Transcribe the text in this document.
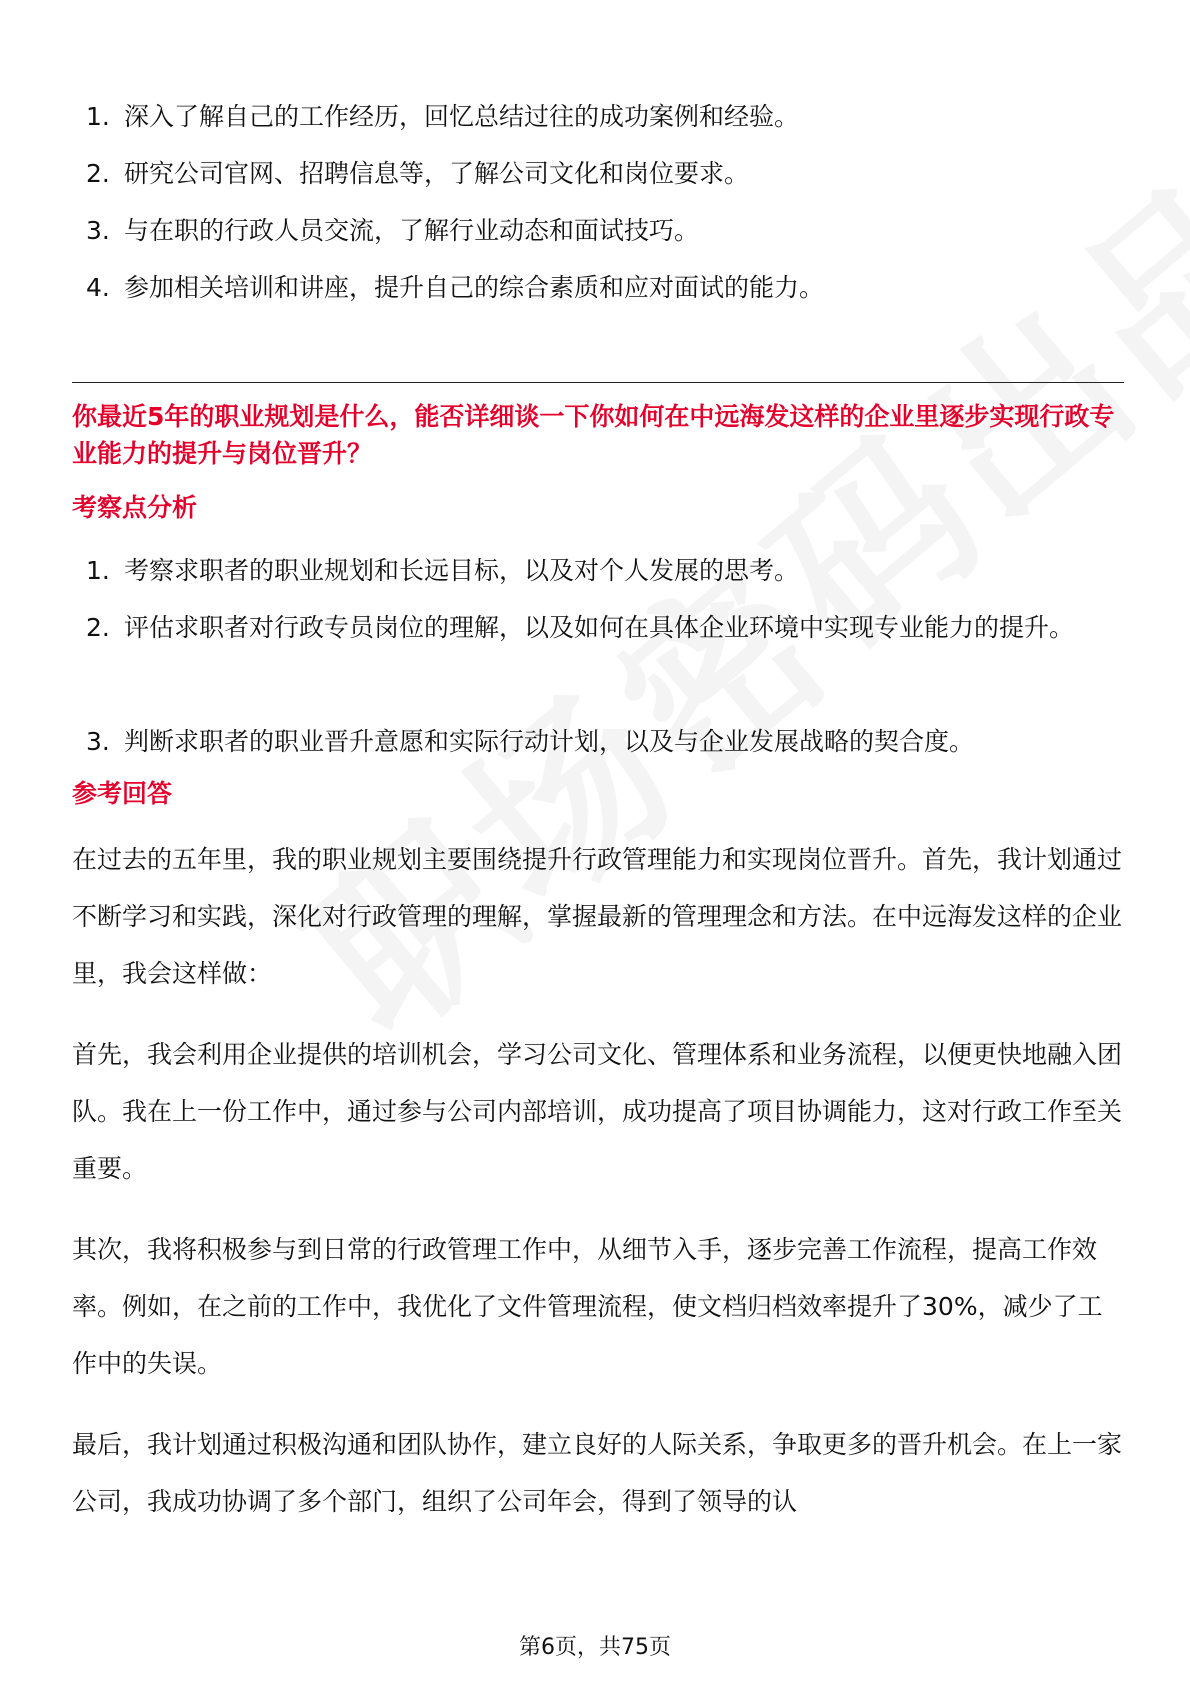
1. 深入了解自己的工作经历，回忆总结过往的成功案例和经验。
2. 研究公司官网、招聘信息等，了解公司文化和岗位要求。
3. 与在职的行政人员交流，了解行业动态和面试技巧。
4. 参加相关培训和讲座，提升自己的综合素质和应对面试的能力。
你最近5年的职业规划是什么，能否详细谈一下你如何在中远海发这样的企业里逐步实现行政专业能力的提升与岗位晋升？
考察点分析
1. 考察求职者的职业规划和长远目标，以及对个人发展的思考。
2. 评估求职者对行政专员岗位的理解，以及如何在具体企业环境中实现专业能力的提升。
3. 判断求职者的职业晋升意愿和实际行动计划，以及与企业发展战略的契合度。
参考回答
在过去的五年里，我的职业规划主要围绕提升行政管理能力和实现岗位晋升。首先，我计划通过不断学习和实践，深化对行政管理的理解，掌握最新的管理理念和方法。在中远海发这样的企业里，我会这样做：
首先，我会利用企业提供的培训机会，学习公司文化、管理体系和业务流程，以便更快地融入团队。我在上一份工作中，通过参与公司内部培训，成功提高了项目协调能力，这对行政工作至关重要。
其次，我将积极参与到日常的行政管理工作中，从细节入手，逐步完善工作流程，提高工作效率。例如，在之前的工作中，我优化了文件管理流程，使文档归档效率提升了30%，减少了工作中的失误。
最后，我计划通过积极沟通和团队协作，建立良好的人际关系，争取更多的晋升机会。在上一家公司，我成功协调了多个部门，组织了公司年会，得到了领导的认
第6页，共75页
